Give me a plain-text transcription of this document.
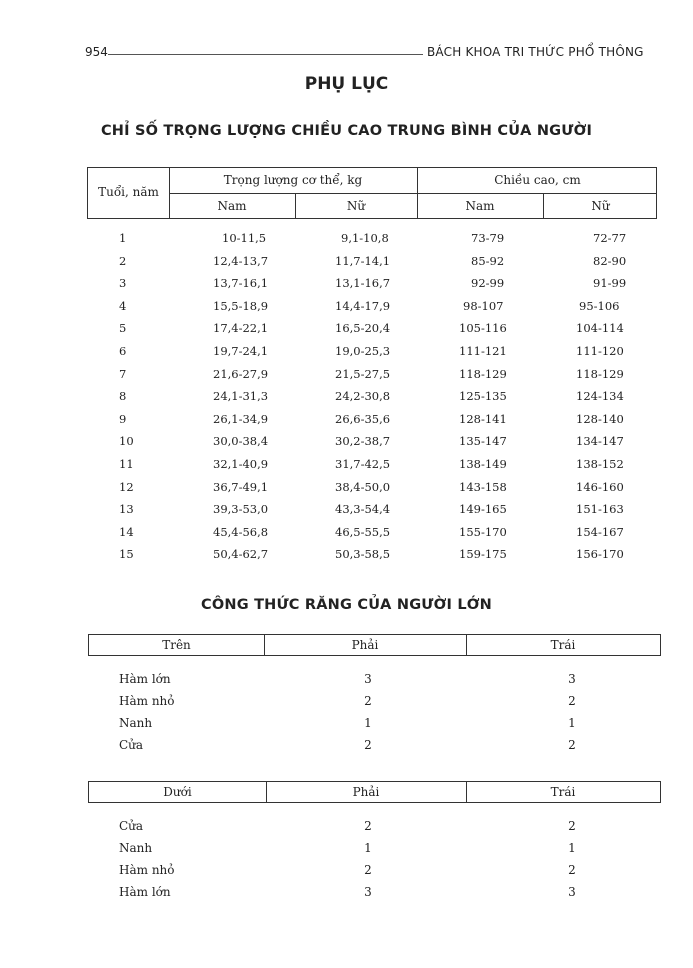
954	BÁCH KHOA TRI THỨC PHỔ THÔNG
PHỤ LỤC
CHỈ SỐ TRỌNG LƯỢNG CHIỀU CAO TRUNG BÌNH CỦA NGƯỜI
Tuổi, năm
Trọng lượng cơ thể, kg	Chiều cao, cm
Nam	Nữ	Nam	Nữ
1	10-11,5	9,1-10,8	73-79	72-77
2	12,4-13,7	11,7-14,1	85-92	82-90
3	13,7-16,1	13,1-16,7	92-99	91-99
4	15,5-18,9	14,4-17,9	98-107	95-106
5	17,4-22,1	16,5-20,4	105-116	104-114
6	19,7-24,1	19,0-25,3	111-121	111-120
7	21,6-27,9	21,5-27,5	118-129	118-129
8	24,1-31,3	24,2-30,8	125-135	124-134
9	26,1-34,9	26,6-35,6	128-141	128-140
10	30,0-38,4	30,2-38,7	135-147	134-147
11	32,1-40,9	31,7-42,5	138-149	138-152
12	36,7-49,1	38,4-50,0	143-158	146-160
13	39,3-53,0	43,3-54,4	149-165	151-163
14	45,4-56,8	46,5-55,5	155-170	154-167
15	50,4-62,7	50,3-58,5	159-175	156-170
CÔNG THỨC RĂNG CỦA NGƯỜI LỚN
Trên	Phải	Trái
Hàm lớn	3	3
Hàm nhỏ	2	2
Nanh	1	1
Cửa	2	2
Dưới	Phải	Trái
Cửa	2	2
Nanh	1	1
Hàm nhỏ	2	2
Hàm lớn	3	3
